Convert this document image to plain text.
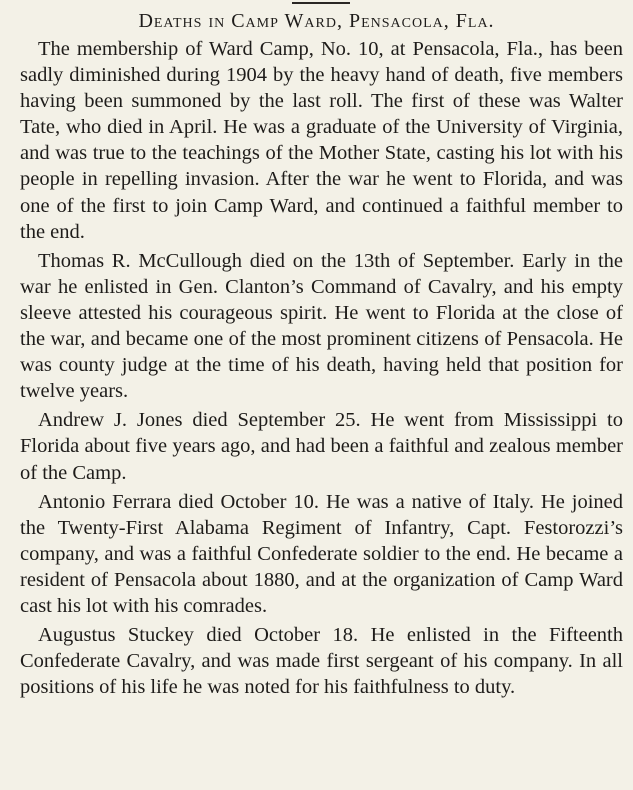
Deaths in Camp Ward, Pensacola, Fla.

The membership of Ward Camp, No. 10, at Pensacola, Fla., has been sadly diminished during 1904 by the heavy hand of death, five members having been summoned by the last roll. The first of these was Walter Tate, who died in April. He was a graduate of the University of Virginia, and was true to the teachings of the Mother State, casting his lot with his people in repelling invasion. After the war he went to Florida, and was one of the first to join Camp Ward, and continued a faithful member to the end.

Thomas R. McCullough died on the 13th of September. Early in the war he enlisted in Gen. Clanton’s Command of Cavalry, and his empty sleeve attested his courageous spirit. He went to Florida at the close of the war, and became one of the most prominent citizens of Pensacola. He was county judge at the time of his death, having held that position for twelve years.

Andrew J. Jones died September 25. He went from Mississippi to Florida about five years ago, and had been a faithful and zealous member of the Camp.

Antonio Ferrara died October 10. He was a native of Italy. He joined the Twenty-First Alabama Regiment of Infantry, Capt. Festorozzi’s company, and was a faithful Confederate soldier to the end. He became a resident of Pensacola about 1880, and at the organization of Camp Ward cast his lot with his comrades.

Augustus Stuckey died October 18. He enlisted in the Fifteenth Confederate Cavalry, and was made first sergeant of his company. In all positions of his life he was noted for his faithfulness to duty.
